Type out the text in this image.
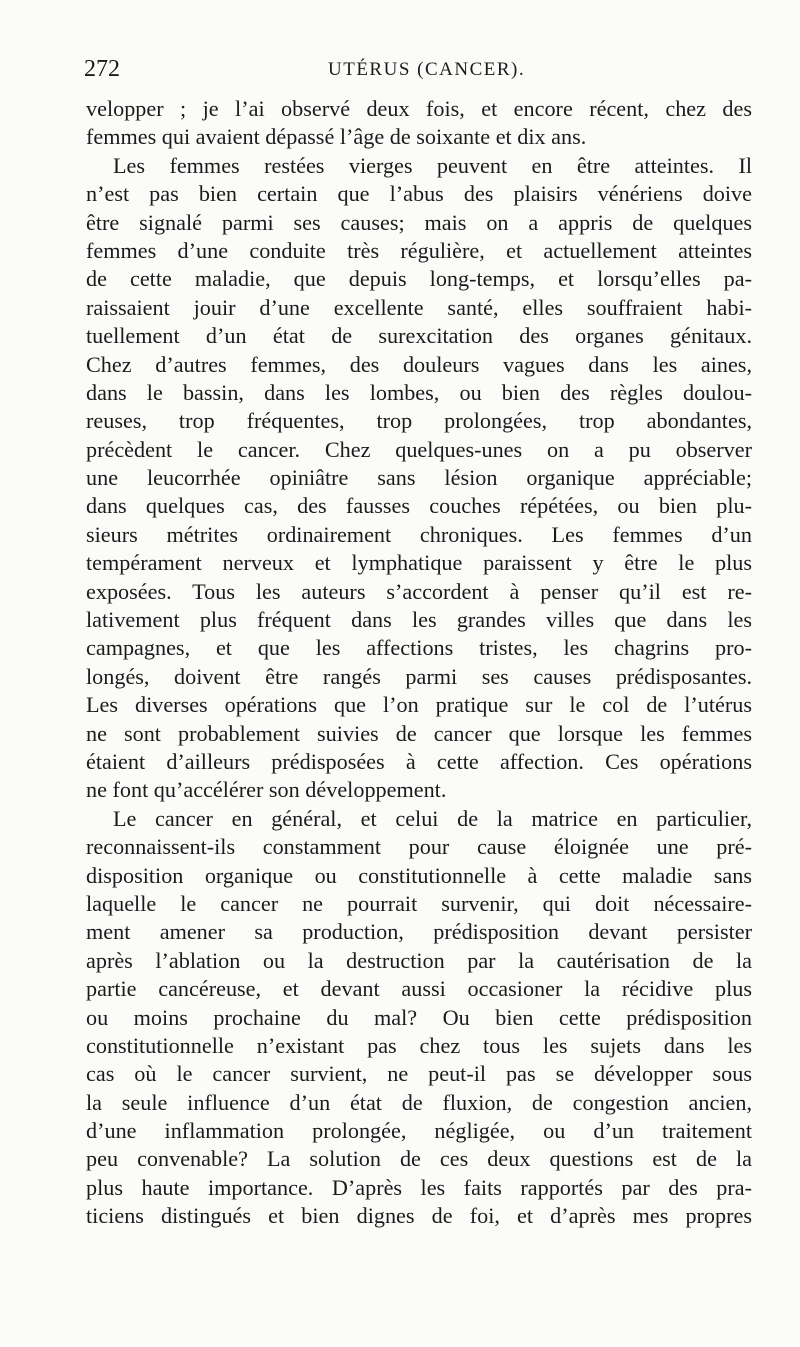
272	UTÉRUS (CANCER).
velopper ; je l’ai observé deux fois, et encore récent, chez des
femmes qui avaient dépassé l’âge de soixante et dix ans.
Les femmes restées vierges peuvent en être atteintes. Il
n’est pas bien certain que l’abus des plaisirs vénériens doive
être signalé parmi ses causes; mais on a appris de quelques
femmes d’une conduite très régulière, et actuellement atteintes
de cette maladie, que depuis long-temps, et lorsqu’elles pa-
raissaient jouir d’une excellente santé, elles souffraient habi-
tuellement d’un état de surexcitation des organes génitaux.
Chez d’autres femmes, des douleurs vagues dans les aines,
dans le bassin, dans les lombes, ou bien des règles doulou-
reuses, trop fréquentes, trop prolongées, trop abondantes,
précèdent le cancer. Chez quelques-unes on a pu observer
une leucorrhée opiniâtre sans lésion organique appréciable;
dans quelques cas, des fausses couches répétées, ou bien plu-
sieurs métrites ordinairement chroniques. Les femmes d’un
tempérament nerveux et lymphatique paraissent y être le plus
exposées. Tous les auteurs s’accordent à penser qu’il est re-
lativement plus fréquent dans les grandes villes que dans les
campagnes, et que les affections tristes, les chagrins pro-
longés, doivent être rangés parmi ses causes prédisposantes.
Les diverses opérations que l’on pratique sur le col de l’utérus
ne sont probablement suivies de cancer que lorsque les femmes
étaient d’ailleurs prédisposées à cette affection. Ces opérations
ne font qu’accélérer son développement.
Le cancer en général, et celui de la matrice en particulier,
reconnaissent-ils constamment pour cause éloignée une pré-
disposition organique ou constitutionnelle à cette maladie sans
laquelle le cancer ne pourrait survenir, qui doit nécessaire-
ment amener sa production, prédisposition devant persister
après l’ablation ou la destruction par la cautérisation de la
partie cancéreuse, et devant aussi occasioner la récidive plus
ou moins prochaine du mal? Ou bien cette prédisposition
constitutionnelle n’existant pas chez tous les sujets dans les
cas où le cancer survient, ne peut-il pas se développer sous
la seule influence d’un état de fluxion, de congestion ancien,
d’une inflammation prolongée, négligée, ou d’un traitement
peu convenable? La solution de ces deux questions est de la
plus haute importance. D’après les faits rapportés par des pra-
ticiens distingués et bien dignes de foi, et d’après mes propres
